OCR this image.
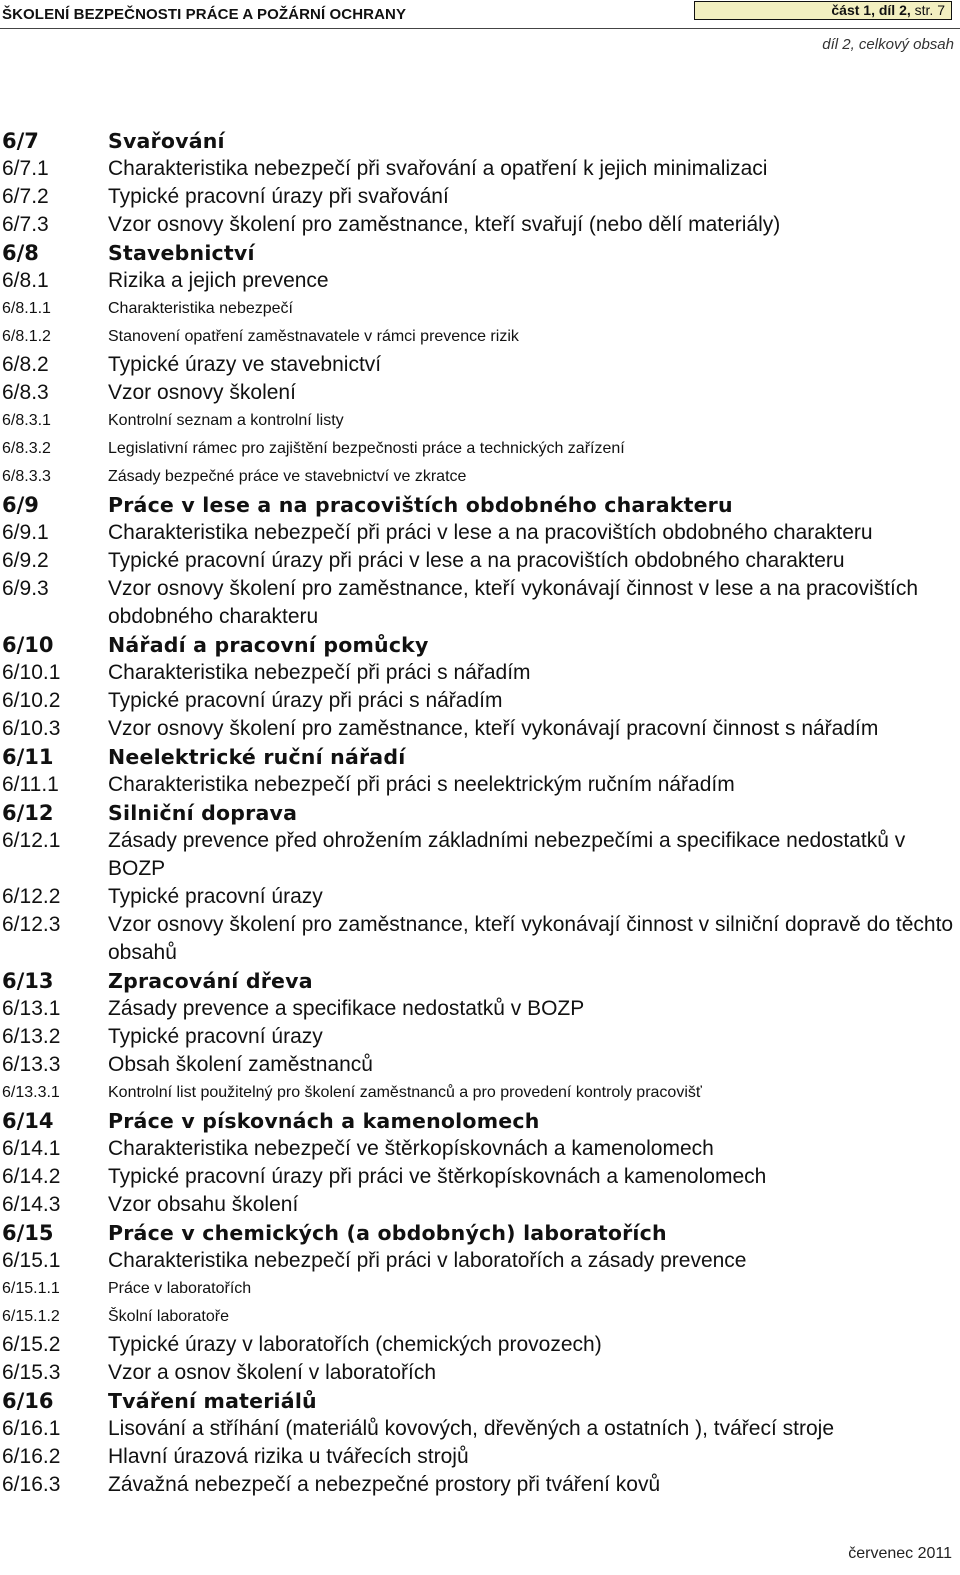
ŠKOLENÍ BEZPEČNOSTI PRÁCE A POŽÁRNÍ OCHRANY	část 1, díl 2, str. 7
díl 2, celkový obsah
6/7	Svařování
6/7.1	Charakteristika nebezpečí při svařování a opatření k jejich minimalizaci
6/7.2	Typické pracovní úrazy při svařování
6/7.3	Vzor osnovy školení pro zaměstnance, kteří svařují (nebo dělí materiály)
6/8	Stavebnictví
6/8.1	Rizika a jejich prevence
6/8.1.1	Charakteristika nebezpečí
6/8.1.2	Stanovení opatření zaměstnavatele v rámci prevence rizik
6/8.2	Typické úrazy ve stavebnictví
6/8.3	Vzor osnovy školení
6/8.3.1	Kontrolní seznam a kontrolní listy
6/8.3.2	Legislativní rámec pro zajištění bezpečnosti práce a technických zařízení
6/8.3.3	Zásady bezpečné práce ve stavebnictví ve zkratce
6/9	Práce v lese a na pracovištích obdobného charakteru
6/9.1	Charakteristika nebezpečí při práci v lese a na pracovištích obdobného charakteru
6/9.2	Typické pracovní úrazy při práci v lese a na pracovištích obdobného charakteru
6/9.3	Vzor osnovy školení pro zaměstnance, kteří vykonávají činnost v lese a na pracovištích obdobného charakteru
6/10	Nářadí a pracovní pomůcky
6/10.1	Charakteristika nebezpečí při práci s nářadím
6/10.2	Typické pracovní úrazy při práci s nářadím
6/10.3	Vzor osnovy školení pro zaměstnance, kteří vykonávají pracovní činnost s nářadím
6/11	Neelektrické ruční nářadí
6/11.1	Charakteristika nebezpečí při práci s neelektrickým ručním nářadím
6/12	Silniční doprava
6/12.1	Zásady prevence před ohrožením základními nebezpečími a specifikace nedostatků v BOZP
6/12.2	Typické pracovní úrazy
6/12.3	Vzor osnovy školení pro zaměstnance, kteří vykonávají činnost v silniční dopravě do těchto obsahů
6/13	Zpracování dřeva
6/13.1	Zásady prevence a specifikace nedostatků v BOZP
6/13.2	Typické pracovní úrazy
6/13.3	Obsah školení zaměstnanců
6/13.3.1	Kontrolní list použitelný pro školení zaměstnanců a pro provedení kontroly pracovišť
6/14	Práce v pískovnách a kamenolomech
6/14.1	Charakteristika nebezpečí ve štěrkopískovnách a kamenolomech
6/14.2	Typické pracovní úrazy při práci ve štěrkopískovnách a kamenolomech
6/14.3	Vzor obsahu školení
6/15	Práce v chemických (a obdobných) laboratořích
6/15.1	Charakteristika nebezpečí při práci v laboratořích a zásady prevence
6/15.1.1	Práce v laboratořích
6/15.1.2	Školní laboratoře
6/15.2	Typické úrazy v laboratořích (chemických provozech)
6/15.3	Vzor a osnov školení v laboratořích
6/16	Tváření materiálů
6/16.1	Lisování a stříhání (materiálů kovových, dřevěných a ostatních ), tvářecí stroje
6/16.2	Hlavní úrazová rizika u tvářecích strojů
6/16.3	Závažná nebezpečí a nebezpečné prostory při tváření kovů
červenec 2011
